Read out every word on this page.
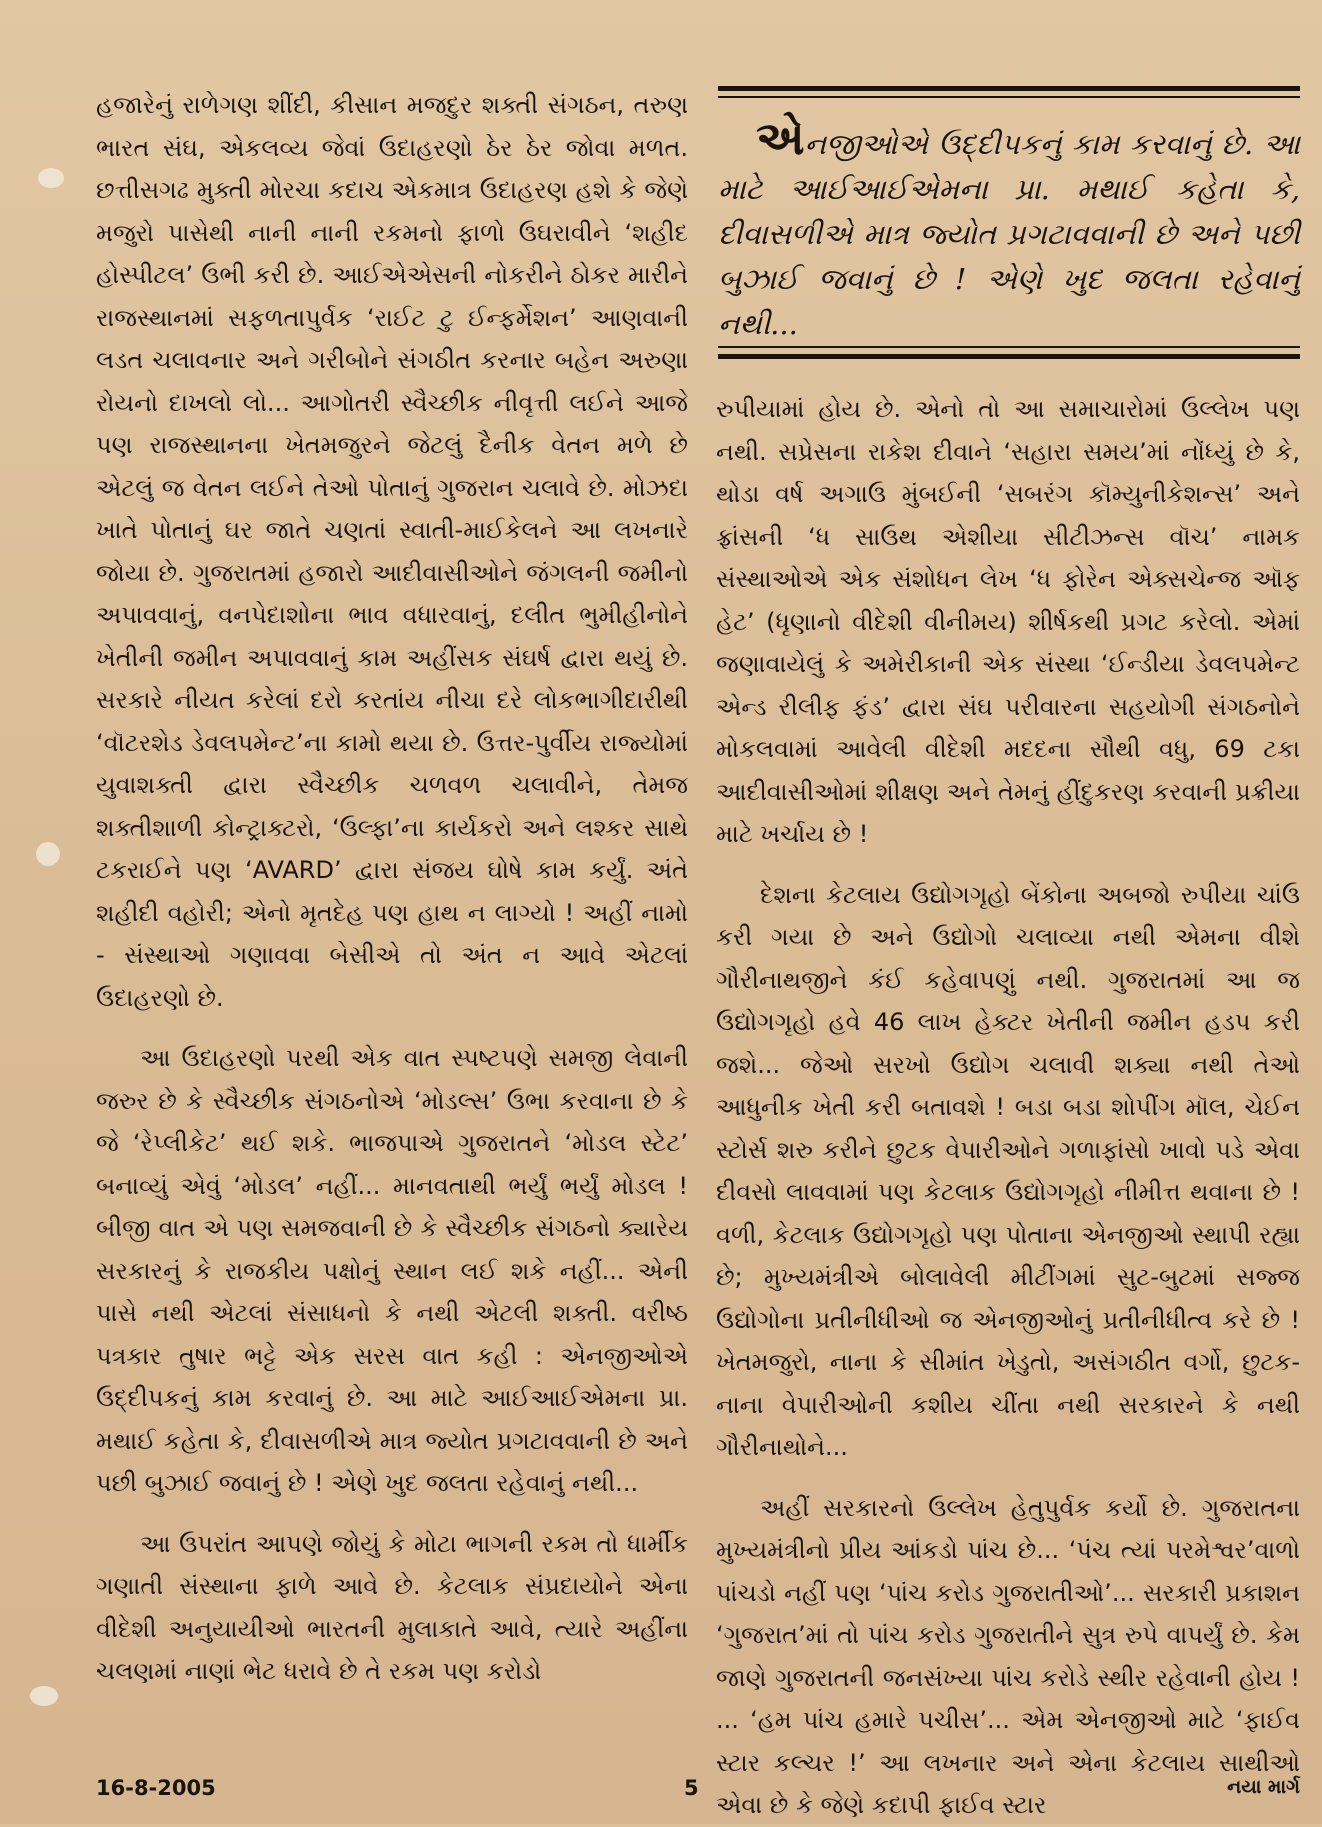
હજારેનું રાળેગણ શીંદી, કીસાન મજદુર શક્તી સંગઠન, તરુણ ભારત સંઘ, એકલવ્ય જેવાં ઉદાહરણો ઠેર ઠેર જોવા મળત. છત્તીસગઢ મુક્તી મોરચા કદાચ એકમાત્ર ઉદાહરણ હશે કે જેણે મજુરો પાસેથી નાની નાની રકમનો ફાળો ઉઘરાવીને ‘શહીદ હોસ્પીટલ’ ઉભી કરી છે. આઈએએસની નોકરીને ઠોકર મારીને રાજસ્થાનમાં સફળતાપુર્વક ‘રાઈટ ટુ ઈન્ફર્મેશન’ આણવાની લડત ચલાવનાર અને ગરીબોને સંગઠીત કરનાર બહેન અરુણા રોયનો દાખલો લો... આગોતરી સ્વૈચ્છીક નીવૃત્તી લઈને આજે પણ રાજસ્થાનના ખેતમજુરને જેટલું દૈનીક વેતન મળે છે એટલું જ વેતન લઈને તેઓ પોતાનું ગુજરાન ચલાવે છે. મોઝદા ખાતે પોતાનું ઘર જાતે ચણતાં સ્વાતી-માઈકેલને આ લખનારે જોયા છે. ગુજરાતમાં હજારો આદીવાસીઓને જંગલની જમીનો અપાવવાનું, વનપેદાશોના ભાવ વધારવાનું, દલીત ભુમીહીનોને ખેતીની જમીન અપાવવાનું કામ અહીંસક સંઘર્ષ દ્વારા થયું છે. સરકારે નીયત કરેલાં દરો કરતાંય નીચા દરે લોકભાગીદારીથી ‘વૉટરશેડ ડેવલપમેન્ટ’ના કામો થયા છે. ઉત્તર-પુર્વીય રાજ્યોમાં યુવાશક્તી દ્વારા સ્વૈચ્છીક ચળવળ ચલાવીને, તેમજ શક્તીશાળી કોન્ટ્રાક્ટરો, ‘ઉલ્ફા’ના કાર્યકરો અને લશ્કર સાથે ટકરાઈને પણ ‘AVARD’ દ્વારા સંજય ઘોષે કામ કર્યું. અંતે શહીદી વહોરી; એનો મૃતદેહ પણ હાથ ન લાગ્યો ! અહીં નામો - સંસ્થાઓ ગણાવવા બેસીએ તો અંત ન આવે એટલાં ઉદાહરણો છે.

આ ઉદાહરણો પરથી એક વાત સ્પષ્ટપણે સમજી લેવાની જરુર છે કે સ્વૈચ્છીક સંગઠનોએ ‘મોડલ્સ’ ઉભા કરવાના છે કે જે ‘રેપ્લીકેટ’ થઈ શકે. ભાજપાએ ગુજરાતને ‘મોડલ સ્ટેટ’ બનાવ્યું એવું ‘મોડલ’ નહીં... માનવતાથી ભર્યું ભર્યું મોડલ ! બીજી વાત એ પણ સમજવાની છે કે સ્વૈચ્છીક સંગઠનો ક્યારેય સરકારનું કે રાજકીય પક્ષોનું સ્થાન લઈ શકે નહીં... એની પાસે નથી એટલાં સંસાધનો કે નથી એટલી શક્તી. વરીષ્ઠ પત્રકાર તુષાર ભટ્ટે એક સરસ વાત કહી : એનજીઓએ ઉદ્દીપકનું કામ કરવાનું છે. આ માટે આઈઆઈએમના પ્રા. મથાઈ કહેતા કે, દીવાસળીએ માત્ર જ્યોત પ્રગટાવવાની છે અને પછી બુઝાઈ જવાનું છે ! એણે ખુદ જલતા રહેવાનું નથી...

આ ઉપરાંત આપણે જોયું કે મોટા ભાગની રકમ તો ધાર્મીક ગણાતી સંસ્થાના ફાળે આવે છે. કેટલાક સંપ્રદાયોને એના વીદેશી અનુયાયીઓ ભારતની મુલાકાતે આવે, ત્યારે અહીંના ચલણમાં નાણાં ભેટ ધરાવે છે તે રકમ પણ કરોડો

એનજીઓએ ઉદ્દીપકનું કામ કરવાનું છે. આ માટે આઈઆઈએમના પ્રા. મથાઈ કહેતા કે, દીવાસળીએ માત્ર જ્યોત પ્રગટાવવાની છે અને પછી બુઝાઈ જવાનું છે ! એણે ખુદ જલતા રહેવાનું નથી...

રુપીયામાં હોય છે. એનો તો આ સમાચારોમાં ઉલ્લેખ પણ નથી. સપ્રેસના રાકેશ દીવાને ‘સહારા સમય’માં નોંધ્યું છે કે, થોડા વર્ષ અગાઉ મુંબઈની ‘સબરંગ કૉમ્યુનીકેશન્સ’ અને ફ્રાંસની ‘ધ સાઉથ એશીયા સીટીઝન્સ વૉચ’ નામક સંસ્થાઓએ એક સંશોધન લેખ ‘ધ ફોરેન એક્સચેન્જ ઑફ હેટ’ (ધૃણાનો વીદેશી વીનીમય) શીર્ષકથી પ્રગટ કરેલો. એમાં જણાવાયેલું કે અમેરીકાની એક સંસ્થા ‘ઈન્ડીયા ડેવલપમેન્ટ એન્ડ રીલીફ ફંડ’ દ્વારા સંઘ પરીવારના સહયોગી સંગઠનોને મોકલવામાં આવેલી વીદેશી મદદના સૌથી વધુ, 69 ટકા આદીવાસીઓમાં શીક્ષણ અને તેમનું હીંદુકરણ કરવાની પ્રક્રીયા માટે ખર્ચાય છે !

દેશના કેટલાય ઉદ્યોગગૃહો બેંકોના અબજો રુપીયા ચાંઉ કરી ગયા છે અને ઉદ્યોગો ચલાવ્યા નથી એમના વીશે ગૌરીનાથજીને કંઈ કહેવાપણું નથી. ગુજરાતમાં આ જ ઉદ્યોગગૃહો હવે 46 લાખ હેક્ટર ખેતીની જમીન હડપ કરી જશે... જેઓ સરખો ઉદ્યોગ ચલાવી શક્યા નથી તેઓ આધુનીક ખેતી કરી બતાવશે ! બડા બડા શોપીંગ મૉલ, ચેઈન સ્ટોર્સ શરુ કરીને છુટક વેપારીઓને ગળાફાંસો ખાવો પડે એવા દીવસો લાવવામાં પણ કેટલાક ઉદ્યોગગૃહો નીમીત્ત થવાના છે ! વળી, કેટલાક ઉદ્યોગગૃહો પણ પોતાના એનજીઓ સ્થાપી રહ્યા છે; મુખ્યમંત્રીએ બોલાવેલી મીટીંગમાં સુટ-બુટમાં સજ્જ ઉદ્યોગોના પ્રતીનીધીઓ જ એનજીઓનું પ્રતીનીધીત્વ કરે છે ! ખેતમજુરો, નાના કે સીમાંત ખેડુતો, અસંગઠીત વર્ગો, છુટક-નાના વેપારીઓની કશીય ચીંતા નથી સરકારને કે નથી ગૌરીનાથોને...

અહીં સરકારનો ઉલ્લેખ હેતુપુર્વક કર્યો છે. ગુજરાતના મુખ્યમંત્રીનો પ્રીય આંકડો પાંચ છે... ‘પંચ ત્યાં પરમેશ્વર’વાળો પાંચડો નહીં પણ ‘પાંચ કરોડ ગુજરાતીઓ’... સરકારી પ્રકાશન ‘ગુજરાત’માં તો પાંચ કરોડ ગુજરાતીને સુત્ર રુપે વાપર્યું છે. કેમ જાણે ગુજરાતની જનસંખ્યા પાંચ કરોડે સ્થીર રહેવાની હોય ! ... ‘હમ પાંચ હમારે પચીસ’... એમ એનજીઓ માટે ‘ફાઈવ સ્ટાર કલ્ચર !’ આ લખનાર અને એના કેટલાય સાથીઓ એવા છે કે જેણે કદાપી ફાઈવ સ્ટાર

16-8-2005	5	નયા માર્ગ
